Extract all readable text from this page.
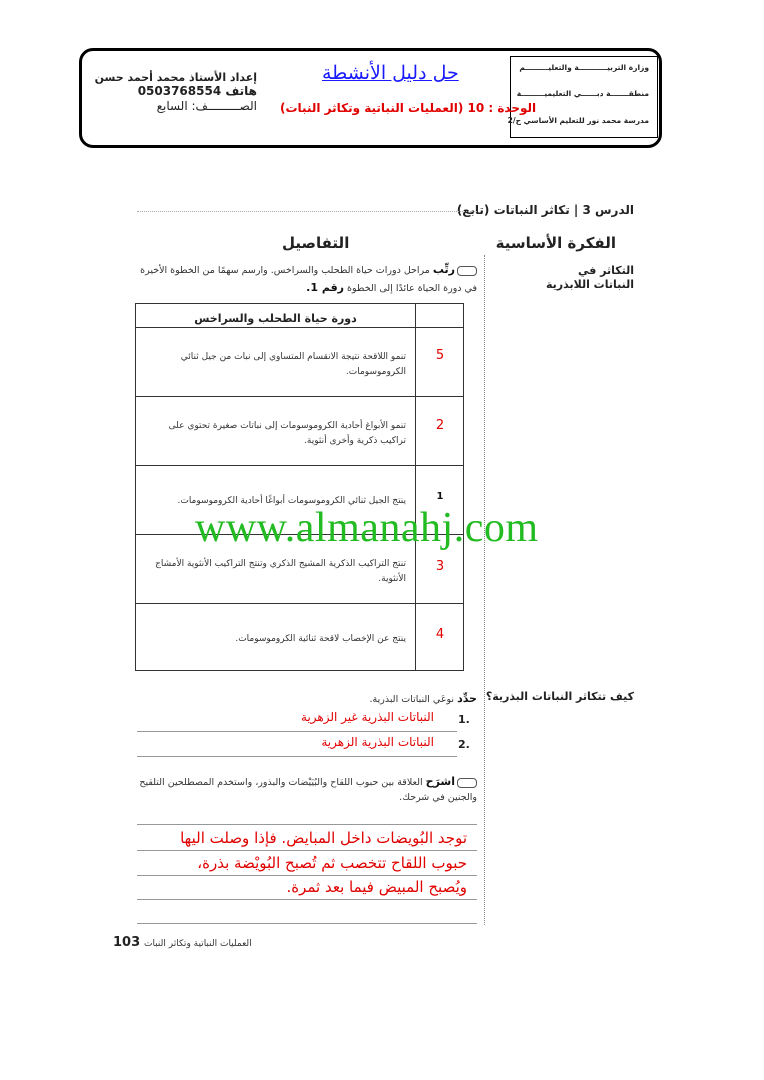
وزارة التربيـــــــــــة والتعليـــــــــم
منطقـــــــة دبــــــي التعليميـــــــــة
مدرسة محمد نور للتعليم الأساسي ح/2
حل دليل الأنشطة
الوحدة : 10 (العمليات النباتية وتكاثر النبات)
إعداد الأستاذ محمد أحمد حسن
هاتف 0503768554
الصـــــــــف: السابع
الدرس 3 | تكاثر النباتات (تابع)
الفكرة الأساسية
التفاصيل
التكاثر في
النباتات اللابذرية
رتِّب مراحل دورات حياة الطحلب والسراخس. وارسم سهمًا من الخطوة الأخيرة في دورة الحياة عائدًا إلى الخطوة رقم 1.
دورة حياة الطحلب والسراخس
5
تنمو اللاقحة نتيجة الانقسام المتساوي إلى نبات من جيل ثنائي الكروموسومات.
2
تنمو الأبواغ أحادية الكروموسومات إلى نباتات صغيرة تحتوي على تراكيب ذكرية وأخرى أنثوية.
1
ينتج الجيل ثنائي الكروموسومات أبواغًا أحادية الكروموسومات.
3
تنتج التراكيب الذكرية المشيج الذكري وتنتج التراكيب الأنثوية الأمشاج الأنثوية.
4
ينتج عن الإخصاب لاقحة ثنائية الكروموسومات.
www.almanahj.com
كيف تتكاثر النباتات البذرية؟
حدِّد نوعَي النباتات البذرية.
1.
النباتات البذرية غير الزهرية
2.
النباتات البذرية الزهرية
اشرَح العلاقة بين حبوب اللقاح والبُيَيْضات والبذور، واستخدم المصطلحين التلقيح والجنين في شرحك.
توجد البُويضات داخل المبايض. فإذا وصلت اليها
حبوب اللقاح تتخصب ثم تُصبح البُويْضة بذرة،
ويُصبح المبيض فيما بعد ثمرة.
العمليات النباتية وتكاثر النبات
103
